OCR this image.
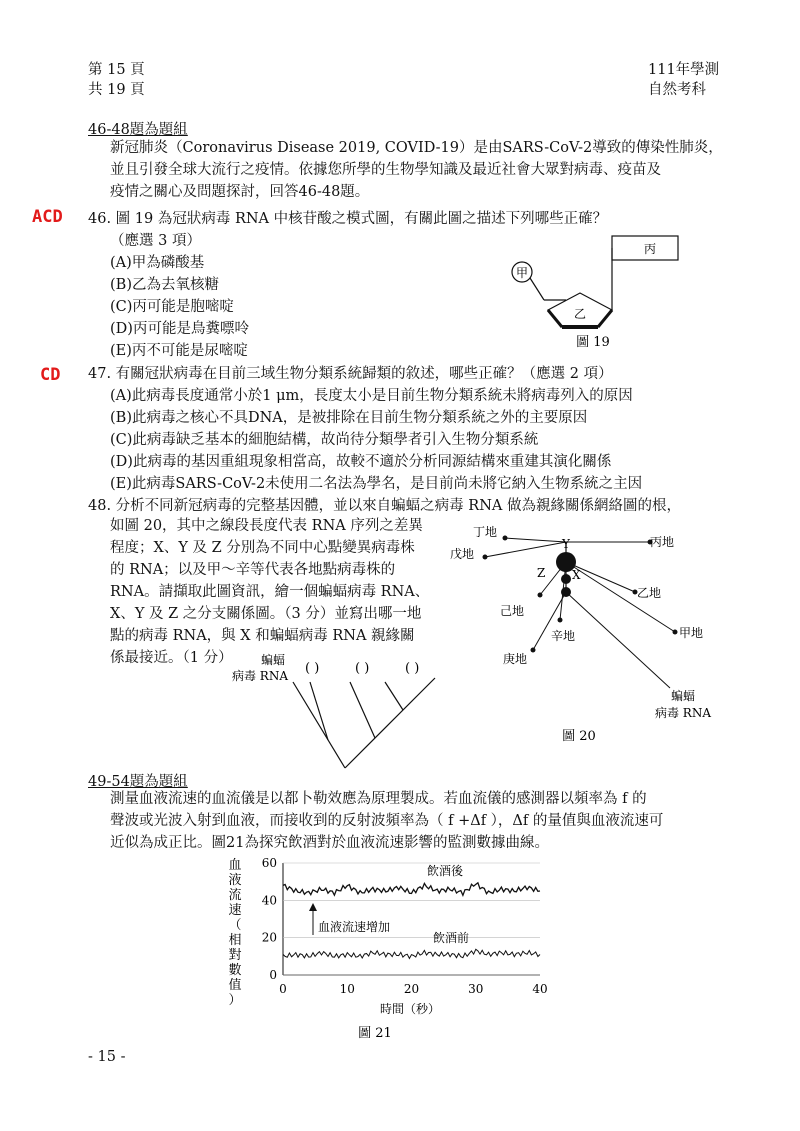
第 15 頁
共 19 頁
111年學測
自然考科
46-48題為題組
新冠肺炎（Coronavirus Disease 2019, COVID-19）是由SARS-CoV-2導致的傳染性肺炎，
並且引發全球大流行之疫情。依據您所學的生物學知識及最近社會大眾對病毒、疫苗及
疫情之關心及問題探討，回答46-48題。
ACD 46. 圖 19 為冠狀病毒 RNA 中核苷酸之模式圖，有關此圖之描述下列哪些正確？
（應選 3 項）
(A)甲為磷酸基
(B)乙為去氧核糖
(C)丙可能是胞嘧啶
(D)丙可能是鳥糞嘌呤
(E)丙不可能是尿嘧啶
甲
乙
丙
圖 19
CD 47. 有關冠狀病毒在目前三域生物分類系統歸類的敘述，哪些正確？（應選 2 項）
(A)此病毒長度通常小於1 μm，長度太小是目前生物分類系統未將病毒列入的原因
(B)此病毒之核心不具DNA，是被排除在目前生物分類系統之外的主要原因
(C)此病毒缺乏基本的細胞結構，故尚待分類學者引入生物分類系統
(D)此病毒的基因重組現象相當高，故較不適於分析同源結構來重建其演化關係
(E)此病毒SARS-CoV-2未使用二名法為學名，是目前尚未將它納入生物系統之主因
48. 分析不同新冠病毒的完整基因體，並以來自蝙蝠之病毒 RNA 做為親緣關係網絡圖的根，
如圖 20，其中之線段長度代表 RNA 序列之差異
程度；X、Y 及 Z 分別為不同中心點變異病毒株
的 RNA；以及甲～辛等代表各地點病毒株的
RNA。請擷取此圖資訊，繪一個蝙蝠病毒 RNA、
X、Y 及 Z 之分支關係圖。（3 分）並寫出哪一地
點的病毒 RNA，與 X 和蝙蝠病毒 RNA 親緣關
係最接近。（1 分）	蝙蝠
病毒 RNA ( )	( )	( )
丁地
戊地
丙地
乙地
己地
辛地	甲地
庚地
Y
Z X
蝙蝠
病毒 RNA
圖 20
49-54題為題組
測量血液流速的血流儀是以都卜勒效應為原理製成。若血流儀的感測器以頻率為 f 的
聲波或光波入射到血液，而接收到的反射波頻率為（ f +Δf ），Δf 的量值與血液流速可
近似為成正比。圖21為探究飲酒對於血液流速影響的監測數據曲線。
血
液
流
速
（
相
對
數
值
）
0
20
40
60
0	10	20	30	40
血液流速增加
飲酒後
飲酒前
時間（秒）
圖 21
- 15 -
